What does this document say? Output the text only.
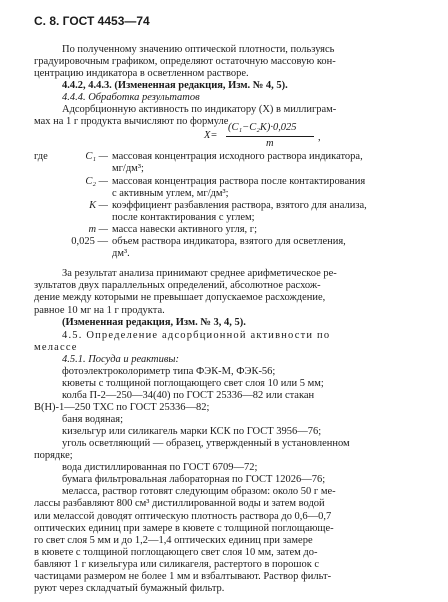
С. 8. ГОСТ 4453—74
По полученному значению оптической плотности, пользуясь
градуировочным графиком, определяют остаточную массовую кон-
центрацию индикатора в осветленном растворе.
4.4.2, 4.4.3. (Измененная редакция, Изм. № 4, 5).
4.4.4. Обработка результатов
Адсорбционную активность по индикатору (X) в миллиграм-
мах на 1 г продукта вычисляют по формуле
X=
(C₁−C₂K)·0,025
m
,
где	C₁ — массовая концентрация исходного раствора индикатора,
мг/дм³;
C₂ — массовая концентрация раствора после контактирования
с активным углем, мг/дм³;
K — коэффициент разбавления раствора, взятого для анализа,
после контактирования с углем;
m — масса навески активного угля, г;
0,025 — объем раствора индикатора, взятого для осветления,
дм³.
За результат анализа принимают среднее арифметическое ре-
зультатов двух параллельных определений, абсолютное расхож-
дение между которыми не превышает допускаемое расхождение,
равное 10 мг на 1 г продукта.
(Измененная редакция, Изм. № 3, 4, 5).
4.5. Определение адсорбционной активности по
мелассе
4.5.1. Посуда и реактивы:
фотоэлектроколориметр типа ФЭК-М, ФЭК-56;
кюветы с толщиной поглощающего свет слоя 10 или 5 мм;
колба П-2—250—34(40) по ГОСТ 25336—82 или стакан
В(Н)-1—250 ТХС по ГОСТ 25336—82;
баня водяная;
кизельгур или силикагель марки КСК по ГОСТ 3956—76;
уголь осветляющий — образец, утвержденный в установленном
порядке;
вода дистиллированная по ГОСТ 6709—72;
бумага фильтровальная лабораторная по ГОСТ 12026—76;
меласса, раствор готовят следующим образом: около 50 г ме-
лассы разбавляют 800 см³ дистиллированной воды и затем водой
или мелассой доводят оптическую плотность раствора до 0,6—0,7
оптических единиц при замере в кювете с толщиной поглощающе-
го свет слоя 5 мм и до 1,2—1,4 оптических единиц при замере
в кювете с толщиной поглощающего свет слоя 10 мм, затем до-
бавляют 1 г кизельгура или силикагеля, растертого в порошок с
частицами размером не более 1 мм и взбалтывают. Раствор фильт-
руют через складчатый бумажный фильтр.
